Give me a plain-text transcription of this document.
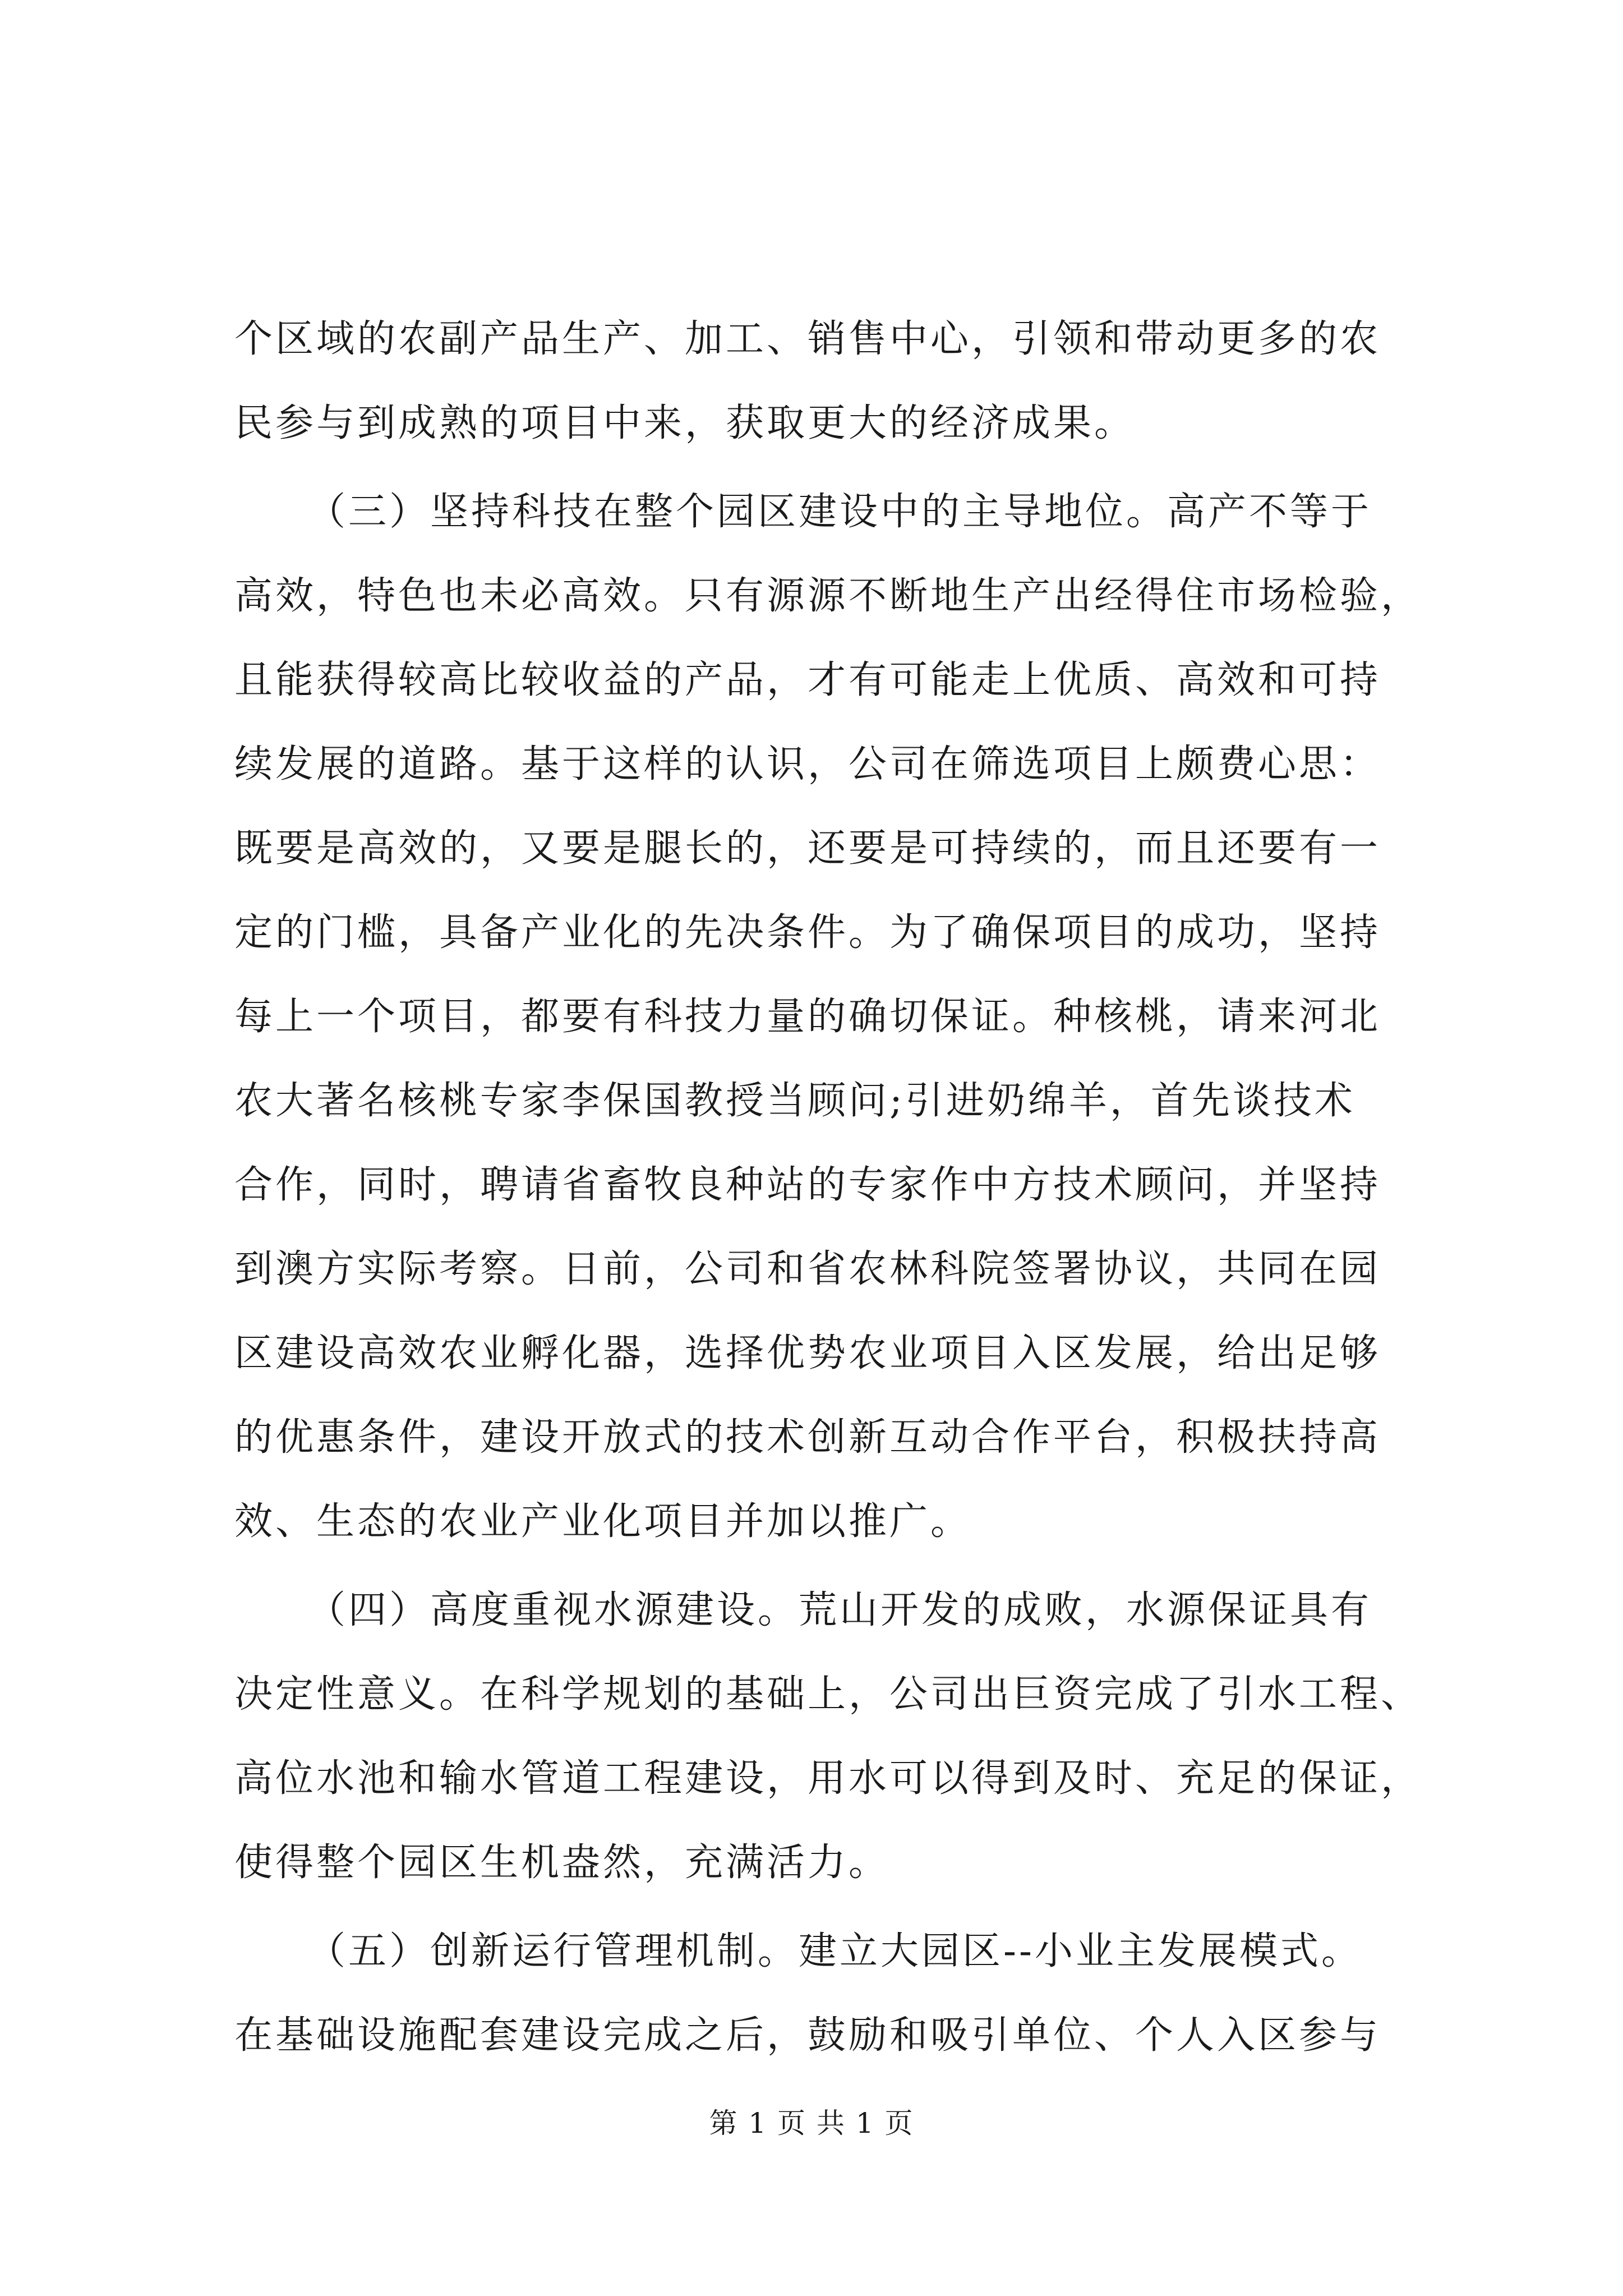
个区域的农副产品生产、加工、销售中心，引领和带动更多的农
民参与到成熟的项目中来，获取更大的经济成果。
（三）坚持科技在整个园区建设中的主导地位。高产不等于
高效，特色也未必高效。只有源源不断地生产出经得住市场检验，
且能获得较高比较收益的产品，才有可能走上优质、高效和可持
续发展的道路。基于这样的认识，公司在筛选项目上颇费心思：
既要是高效的，又要是腿长的，还要是可持续的，而且还要有一
定的门槛，具备产业化的先决条件。为了确保项目的成功，坚持
每上一个项目，都要有科技力量的确切保证。种核桃，请来河北
农大著名核桃专家李保国教授当顾问;引进奶绵羊，首先谈技术
合作，同时，聘请省畜牧良种站的专家作中方技术顾问，并坚持
到澳方实际考察。日前，公司和省农林科院签署协议，共同在园
区建设高效农业孵化器，选择优势农业项目入区发展，给出足够
的优惠条件，建设开放式的技术创新互动合作平台，积极扶持高
效、生态的农业产业化项目并加以推广。
（四）高度重视水源建设。荒山开发的成败，水源保证具有
决定性意义。在科学规划的基础上，公司出巨资完成了引水工程、
高位水池和输水管道工程建设，用水可以得到及时、充足的保证，
使得整个园区生机盎然，充满活力。
（五）创新运行管理机制。建立大园区--小业主发展模式。
在基础设施配套建设完成之后，鼓励和吸引单位、个人入区参与
第 1 页 共 1 页
